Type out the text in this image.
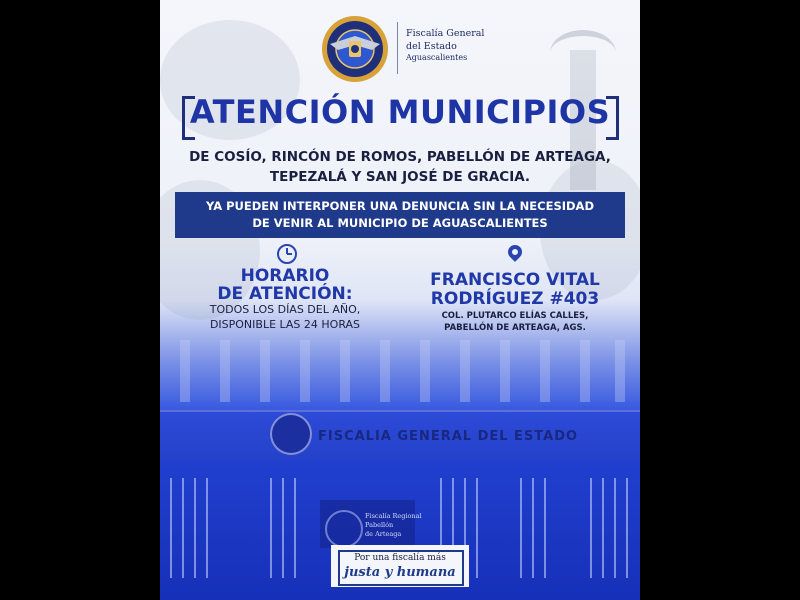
Fiscalía General
del Estado
Aguascalientes
ATENCIÓN MUNICIPIOS
DE COSÍO, RINCÓN DE ROMOS, PABELLÓN DE ARTEAGA,
TEPEZALÁ Y SAN JOSÉ DE GRACIA.
YA PUEDEN INTERPONER UNA DENUNCIA SIN LA NECESIDAD
DE VENIR AL MUNICIPIO DE AGUASCALIENTES
HORARIO
DE ATENCIÓN:
TODOS LOS DÍAS DEL AÑO,
DISPONIBLE LAS 24 HORAS
FRANCISCO VITAL
RODRÍGUEZ #403
COL. PLUTARCO ELÍAS CALLES,
PABELLÓN DE ARTEAGA, AGS.
FISCALIA GENERAL DEL ESTADO
Fiscalía Regional
Pabellón
de Arteaga
Por una fiscalía más
justa y humana
